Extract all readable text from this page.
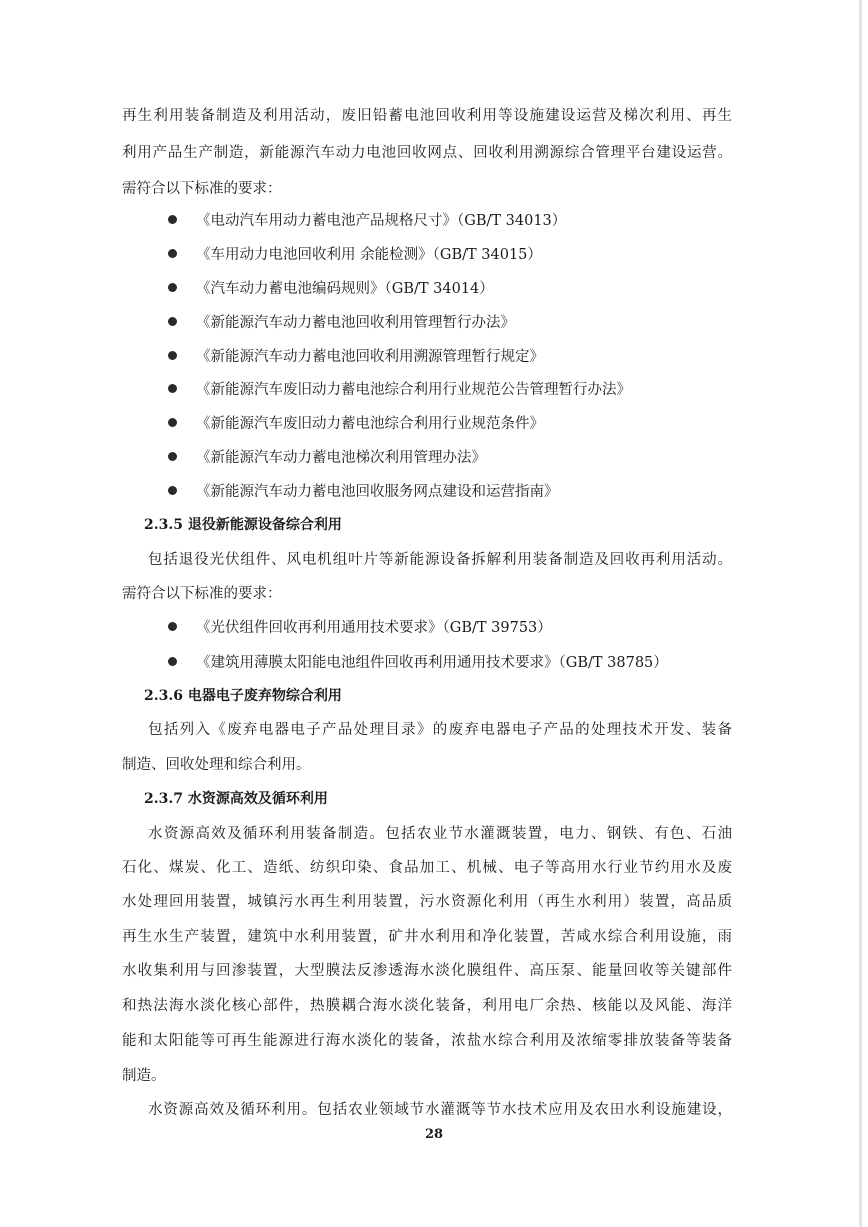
再生利用装备制造及利用活动，废旧铅蓄电池回收利用等设施建设运营及梯次利用、再生
利用产品生产制造，新能源汽车动力电池回收网点、回收利用溯源综合管理平台建设运营。
需符合以下标准的要求：
《电动汽车用动力蓄电池产品规格尺寸》（GB/T 34013）
《车用动力电池回收利用 余能检测》（GB/T 34015）
《汽车动力蓄电池编码规则》（GB/T 34014）
《新能源汽车动力蓄电池回收利用管理暂行办法》
《新能源汽车动力蓄电池回收利用溯源管理暂行规定》
《新能源汽车废旧动力蓄电池综合利用行业规范公告管理暂行办法》
《新能源汽车废旧动力蓄电池综合利用行业规范条件》
《新能源汽车动力蓄电池梯次利用管理办法》
《新能源汽车动力蓄电池回收服务网点建设和运营指南》
2.3.5 退役新能源设备综合利用
包括退役光伏组件、风电机组叶片等新能源设备拆解利用装备制造及回收再利用活动。
需符合以下标准的要求：
《光伏组件回收再利用通用技术要求》（GB/T 39753）
《建筑用薄膜太阳能电池组件回收再利用通用技术要求》（GB/T 38785）
2.3.6 电器电子废弃物综合利用
包括列入《废弃电器电子产品处理目录》的废弃电器电子产品的处理技术开发、装备
制造、回收处理和综合利用。
2.3.7 水资源高效及循环利用
水资源高效及循环利用装备制造。包括农业节水灌溉装置，电力、钢铁、有色、石油
石化、煤炭、化工、造纸、纺织印染、食品加工、机械、电子等高用水行业节约用水及废
水处理回用装置，城镇污水再生利用装置，污水资源化利用（再生水利用）装置，高品质
再生水生产装置，建筑中水利用装置，矿井水利用和净化装置，苦咸水综合利用设施，雨
水收集利用与回渗装置，大型膜法反渗透海水淡化膜组件、高压泵、能量回收等关键部件
和热法海水淡化核心部件，热膜耦合海水淡化装备，利用电厂余热、核能以及风能、海洋
能和太阳能等可再生能源进行海水淡化的装备，浓盐水综合利用及浓缩零排放装备等装备
制造。
水资源高效及循环利用。包括农业领域节水灌溉等节水技术应用及农田水利设施建设，
28
